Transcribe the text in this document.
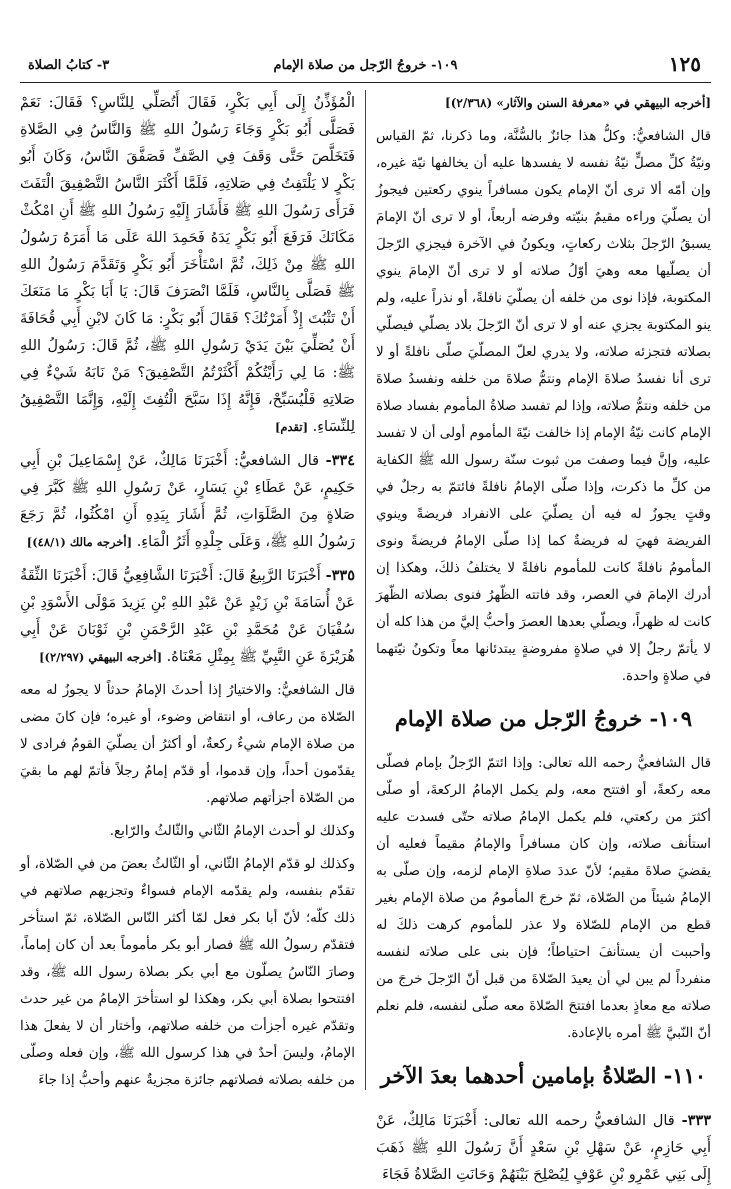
١٢٥
١٠٩- خروجُ الرّجل من صلاة الإمام
٣- كتابُ الصلاة
[أخرجه البيهقي في «معرفة السنن والآثار» (٢/٣٦٨)]

قال الشافعيُّ: وكلُّ هذا جائزٌ بالسُّنَّة، وما ذكرنا، ثمّ القياس ونيّةُ كلِّ مصلٍّ نيّةُ نفسه لا يفسدها عليه أن يخالفها نيّة غيره، وإن أمّه ألا ترى أنّ الإمام يكون مسافراً ينوي ركعتين فيجوزُ أن يصلّيَ وراءه مقيمٌ بنيّته وفرضه أربعاً، أو لا ترى أنّ الإمامَ يسبقُ الرّجلَ بثلاث ركعاتٍ، ويكونُ في الآخرة فيجزي الرّجلَ أن يصلّيها معه وهيَ أوّلُ صلاته أو لا ترى أنّ الإمامَ ينوي المكتوبة، فإذا نوى من خلفه أن يصلّيَ نافلةً، أو نذراً عليه، ولم ينو المكتوبة يجزي عنه أو لا ترى أنّ الرّجلَ بلاد يصلّي فيصلّي بصلاته فتجزئه صلاته، ولا يدري لعلّ المصلّيَ صلّى نافلةً أو لا ترى أنا نفسدُ صلاةَ الإمام ونتمُّ صلاةَ من خلفه ونفسدُ صلاةَ من خلفه ونتمُّ صلاته، وإذا لم تفسد صلاةُ المأموم بفساد صلاة الإمام كانت نيّةُ الإمام إذا خالفت نيّةَ المأموم أولى أن لا تفسد عليه، وإنَّ فيما وصفت من ثبوت سنّة رسول الله ﷺ الكفاية من كلِّ ما ذكرت، وإذا صلّى الإمامُ نافلةً فائتمّ به رجلٌ في وقتٍ يجوزُ له فيه أن يصلّيَ على الانفراد فريضةً وينوي الفريضة فهيَ له فريضةٌ كما إذا صلّى الإمامُ فريضةً ونوى المأمومُ نافلةً كانت للمأموم نافلةً لا يختلفُ ذلكَ، وهكذا إن أدرك الإمامَ في العصر، وقد فاتته الظّهرُ فنوى بصلاته الظّهرَ كانت له ظهراً، ويصلّي بعدها العصرَ وأحبُّ إليَّ من هذا كله أن لا يأتمّ رجلٌ إلا في صلاةٍ مفروضةٍ يبتدئانها معاً وتكونُ نيّتهما في صلاةٍ واحدة.

١٠٩- خروجُ الرّجل من صلاة الإمام

قال الشافعيُّ رحمه الله تعالى: وإذا ائتمّ الرّجلُ بإمام فصلّى معه ركعةً، أو افتتح معه، ولم يكمل الإمامُ الركعةَ، أو صلّى أكثرَ من ركعتي، فلم يكمل الإمامُ صلاته حتّى فسدت عليه استأنف صلاته، وإن كان مسافراً والإمامُ مقيماً فعليه أن يقضيَ صلاةَ مقيم؛ لأنّ عددَ صلاةِ الإمام لزمه، وإن صلّى به الإمامُ شيئاً من الصّلاة، ثمّ خرجَ المأمومُ من صلاة الإمام بغير قطع من الإمام للصّلاة ولا عذر للمأموم كرهت ذلكَ له وأحببت أن يستأنفَ احتياطاً؛ فإن بنى على صلاته لنفسه منفرداً لم يبن لي أن يعيدَ الصّلاةَ من قبل أنّ الرّجلَ خرجَ من صلاته مع معاذٍ بعدما افتتحَ الصّلاةَ معه صلّى لنفسه، فلم نعلم أنّ النّبيَّ ﷺ أمره بالإعادة.

١١٠- الصّلاةُ بإمامين أحدهما بعدَ الآخر

٣٣٣- قال الشافعيُّ رحمه الله تعالى: أَخْبَرَنَا مَالِكٌ، عَنْ أَبِي حَازِمٍ، عَنْ سَهْلِ بْنِ سَعْدٍ أَنَّ رَسُولَ اللهِ ﷺ ذَهَبَ إِلَى بَنِي عَمْرِو بْنِ عَوْفٍ لِيُصْلِحَ بَيْنَهُمْ وَحَانَتِ الصَّلاةُ فَجَاءَ

الْمُؤَذِّنُ إِلَى أَبِي بَكْرٍ، فَقَالَ أَتُصَلِّي لِلنَّاسِ؟ فَقَالَ: نَعَمْ فَصَلَّى أَبُو بَكْرٍ وَجَاءَ رَسُولُ اللهِ ﷺ وَالنَّاسُ فِي الصَّلاةِ فَتَخَلَّصَ حَتَّى وَقَفَ فِي الصَّفِّ فَصَفَّقَ النَّاسُ، وَكَانَ أَبُو بَكْرٍ لا يَلْتَفِتُ فِي صَلاتِهِ، فَلَمَّا أَكْثَرَ النَّاسُ التَّصْفِيقَ الْتَفَتَ فَرَأَى رَسُولَ اللهِ ﷺ فَأَشَارَ إِلَيْهِ رَسُولُ اللهِ ﷺ أَنِ امْكُثْ مَكَانَكَ فَرَفَعَ أَبُو بَكْرٍ يَدَهُ فَحَمِدَ اللهَ عَلَى مَا أَمَرَهُ رَسُولُ اللهِ ﷺ مِنْ ذَلِكَ، ثُمَّ اسْتَأْخَرَ أَبُو بَكْرٍ وَتَقَدَّمَ رَسُولُ اللهِ ﷺ فَصَلَّى بِالنَّاسِ، فَلَمَّا انْصَرَفَ قَالَ: يَا أَبَا بَكْرٍ مَا مَنَعَكَ أَنْ تَثْبُتَ إِذْ أَمَرْتُكَ؟ فَقَالَ أَبُو بَكْرٍ: مَا كَانَ لابْنِ أَبِي قُحَافَةَ أَنْ يُصَلِّيَ بَيْنَ يَدَيْ رَسُولِ اللهِ ﷺ، ثُمَّ قَالَ: رَسُولُ اللهِ ﷺ: مَا لِي رَأَيْتُكُمْ أَكْثَرْتُمُ التَّصْفِيقَ؟ مَنْ نَابَهُ شَيْءٌ فِي صَلاتِهِ فَلْيُسَبِّحْ، فَإِنَّهُ إِذَا سَبَّحَ الْتُفِتَ إِلَيْهِ، وَإِنَّمَا التَّصْفِيقُ لِلنِّسَاءِ. [تقدم]

٣٣٤- قال الشافعيُّ: أَخْبَرَنَا مَالِكٌ، عَنْ إِسْمَاعِيلَ بْنِ أَبِي حَكِيمٍ، عَنْ عَطَاءِ بْنِ يَسَارٍ، عَنْ رَسُولِ اللهِ ﷺ كَبَّرَ فِي صَلاةٍ مِنَ الصَّلَوَاتِ، ثُمَّ أَشَارَ بِيَدِهِ أَنِ امْكُثُوا، ثُمَّ رَجَعَ رَسُولُ اللهِ ﷺ، وَعَلَى جِلْدِهِ أَثَرُ الْمَاءِ. [أخرجه مالك (٤٨/١)]

٣٣٥- أَخْبَرَنَا الرَّبِيعُ قَالَ: أَخْبَرَنَا الشَّافِعِيُّ قَالَ: أَخْبَرَنَا الثِّقَةُ عَنْ أُسَامَةَ بْنِ زَيْدٍ عَنْ عَبْدِ اللهِ بْنِ يَزِيدَ مَوْلَى الأَسْوَدِ بْنِ سُفْيَانَ عَنْ مُحَمَّدِ بْنِ عَبْدِ الرَّحْمَنِ بْنِ ثَوْبَانَ عَنْ أَبِي هُرَيْرَةَ عَنِ النَّبِيِّ ﷺ بِمِثْلِ مَعْنَاهُ. [أخرجه البيهقي (٢/٢٩٧)]

قال الشافعيُّ: والاختيارُ إذا أحدثَ الإمامُ حدثاً لا يجوزُ له معه الصّلاة من رعاف، أو انتقاض وضوء، أو غيره؛ فإن كانَ مضى من صلاة الإمام شيءٌ ركعةٌ، أو أكثرُ أن يصلّيَ القومُ فرادى لا يقدّمون أحداً، وإن قدموا، أو قدّم إمامٌ رجلاً فأتمّ لهم ما بقيَ من الصّلاة أجزأتهم صلاتهم.

وكذلك لو أحدث الإمامُ الثّاني والثّالثُ والرّابع.

وكذلك لو قدّم الإمامُ الثّاني، أو الثّالثُ بعضَ من في الصّلاة، أو تقدّم بنفسه، ولم يقدّمه الإمام فسواءٌ وتجزيهم صلاتهم في ذلك كلّه؛ لأنّ أبا بكر فعل لمّا أكثر النّاس الصّلاة، ثمّ استأخر فتقدّم رسولُ الله ﷺ فصار أبو بكر مأموماً بعد أن كان إماماً، وصارَ النّاسُ يصلّون مع أبي بكر بصلاة رسول الله ﷺ، وقد افتتحوا بصلاة أبي بكر، وهكذا لو استأخرَ الإمامُ من غير حدث وتقدّم غيره أجزأت من خلفه صلاتهم، وأختار أن لا يفعلَ هذا الإمامُ، وليسَ أحدٌ في هذا كرسول الله ﷺ، وإن فعله وصلّى من خلفه بصلاته فصلاتهم جائزة مجزيةٌ عنهم وأحبُّ إذا جاءَ
